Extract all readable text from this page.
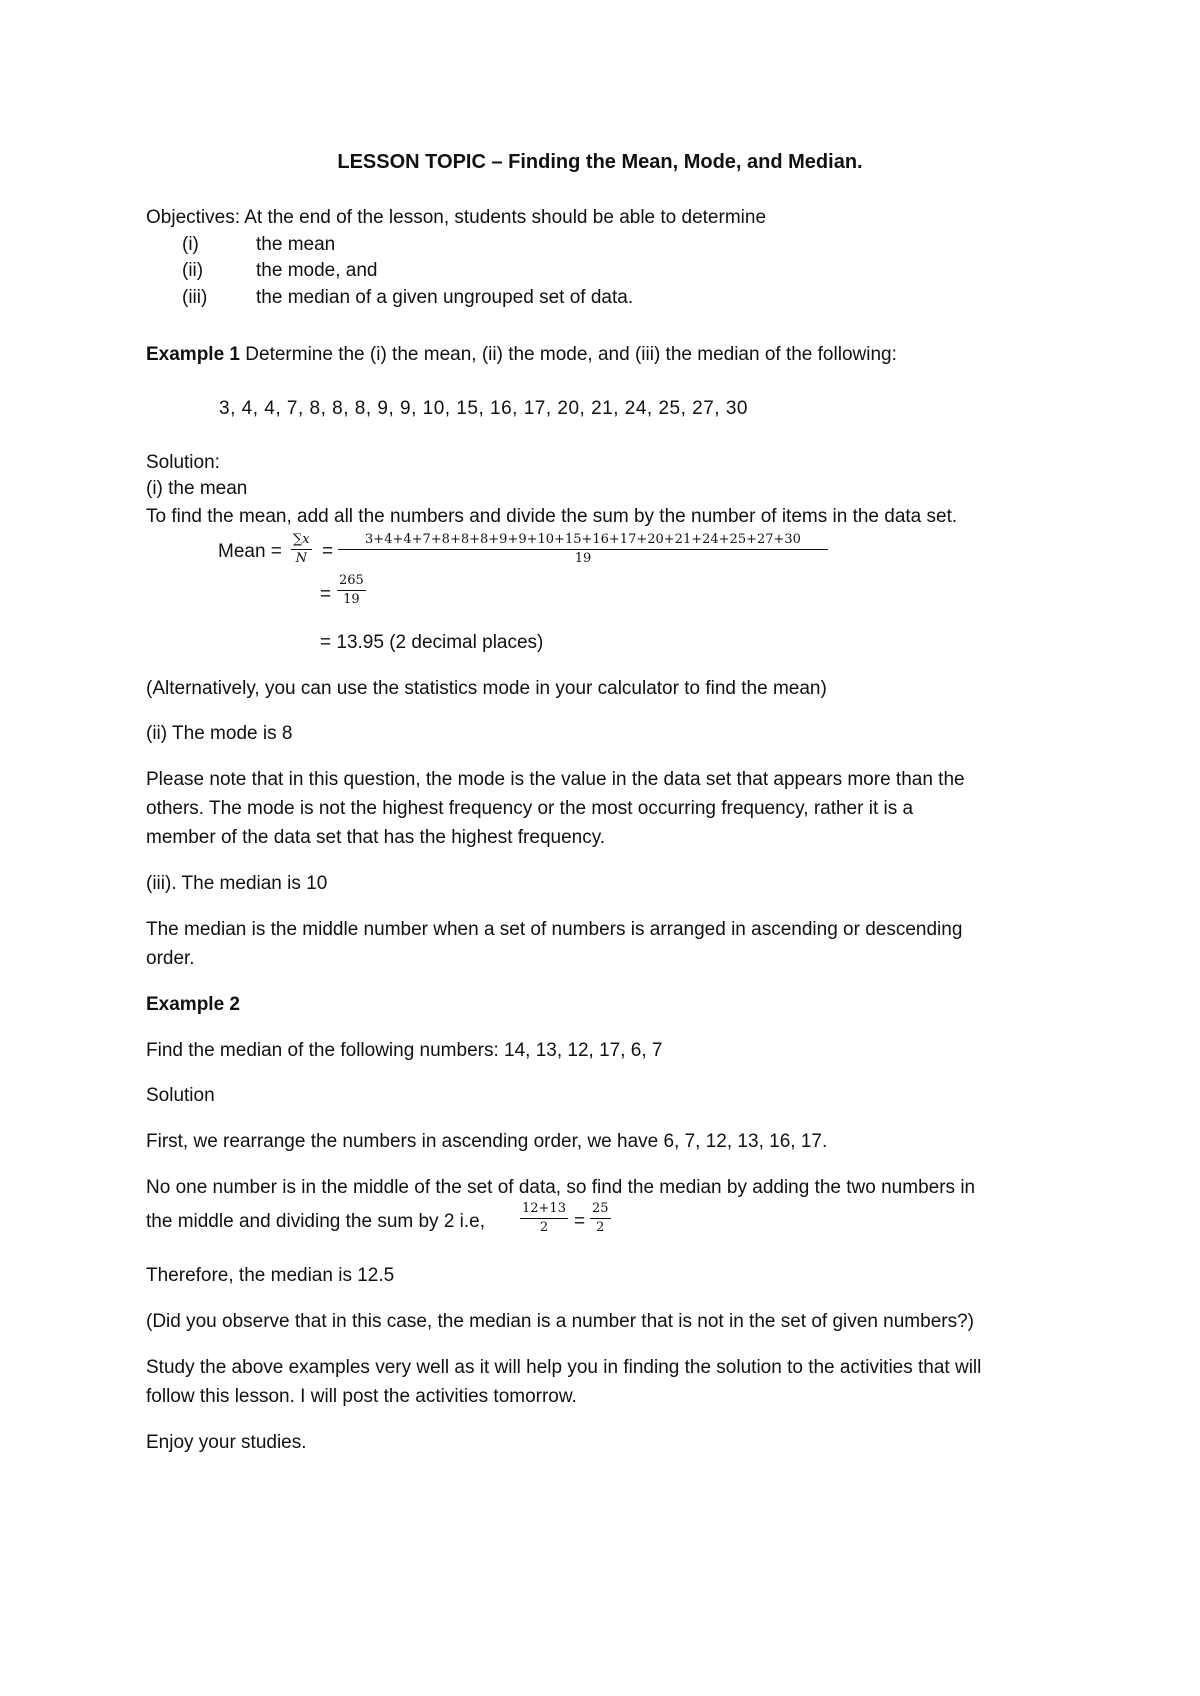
LESSON TOPIC – Finding the Mean, Mode, and Median.
Objectives: At the end of the lesson, students should be able to determine
(i)	the mean
(ii)	the mode, and
(iii)	the median of a given ungrouped set of data.
Example 1 Determine the (i) the mean, (ii) the mode, and (iii) the median of the following:
3, 4, 4, 7, 8, 8, 8, 9, 9, 10, 15, 16, 17, 20, 21, 24, 25, 27, 30
Solution:
(i) the mean
To find the mean, add all the numbers and divide the sum by the number of items in the data set.
Mean =
∑𝑥
𝑁 = $\frac{3+4+4+7+8+8+8+9+9+10+15+16+17+20+21+24+25+27+30}{19}$
= $\frac{265}{19}$
= 13.95 (2 decimal places)
(Alternatively, you can use the statistics mode in your calculator to find the mean)
(ii) The mode is 8
Please note that in this question, the mode is the value in the data set that appears more than the
others. The mode is not the highest frequency or the most occurring frequency, rather it is a
member of the data set that has the highest frequency.
(iii). The median is 10
The median is the middle number when a set of numbers is arranged in ascending or descending
order.
Example 2
Find the median of the following numbers: 14, 13, 12, 17, 6, 7
Solution
First, we rearrange the numbers in ascending order, we have 6, 7, 12, 13, 16, 17.
No one number is in the middle of the set of data, so find the median by adding the two numbers in
the middle and dividing the sum by 2 i.e,	$\frac{12+13}{2} = \frac{25}{2}$
Therefore, the median is 12.5
(Did you observe that in this case, the median is a number that is not in the set of given numbers?)
Study the above examples very well as it will help you in finding the solution to the activities that will
follow this lesson. I will post the activities tomorrow.
Enjoy your studies.
